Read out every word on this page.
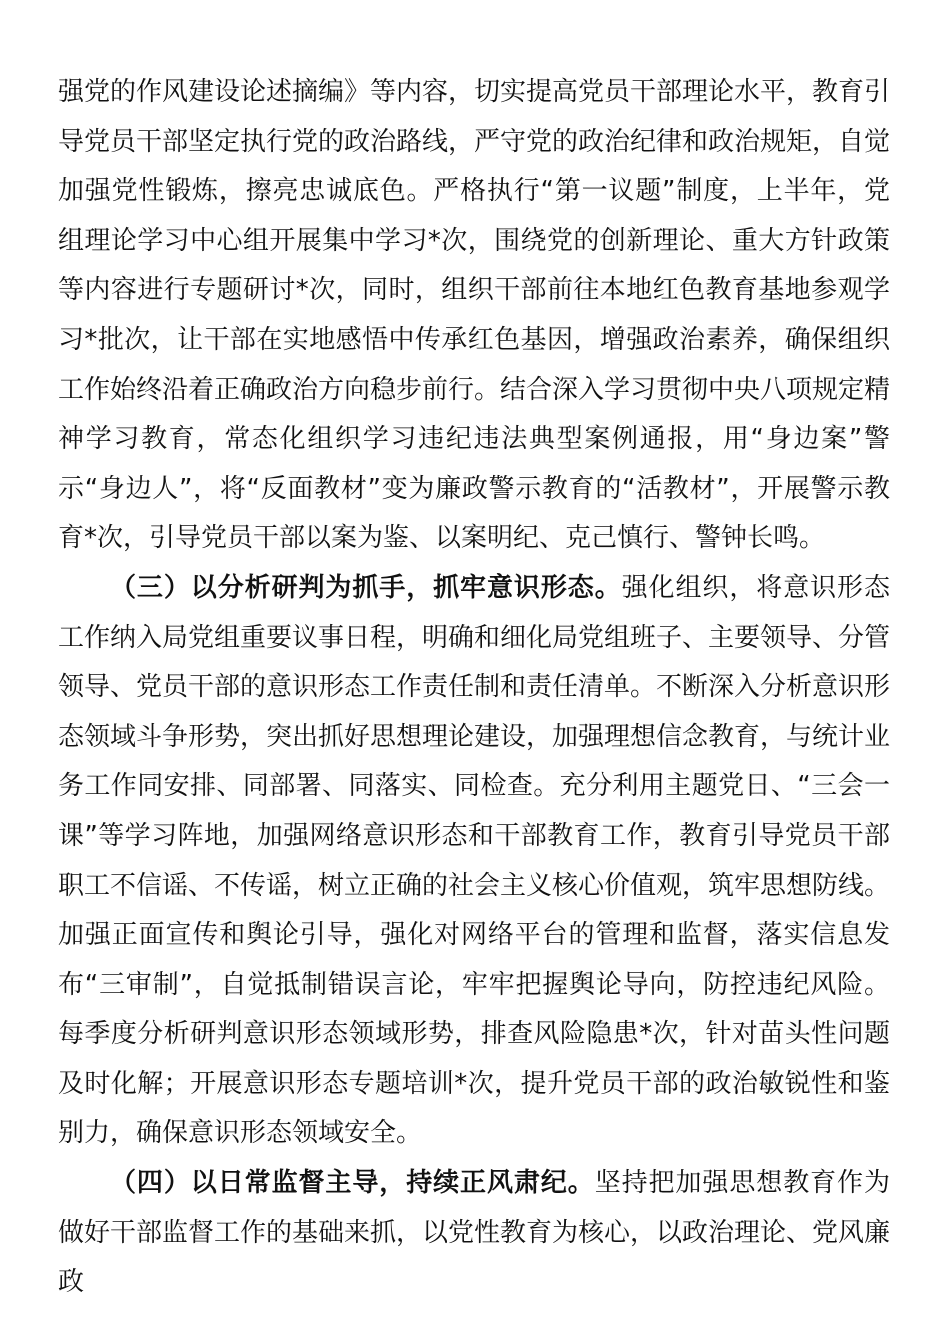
强党的作风建设论述摘编》等内容，切实提高党员干部理论水平，教育引导党员干部坚定执行党的政治路线，严守党的政治纪律和政治规矩，自觉加强党性锻炼，擦亮忠诚底色。严格执行“第一议题”制度，上半年，党组理论学习中心组开展集中学习*次，围绕党的创新理论、重大方针政策等内容进行专题研讨*次，同时，组织干部前往本地红色教育基地参观学习*批次，让干部在实地感悟中传承红色基因，增强政治素养，确保组织工作始终沿着正确政治方向稳步前行。结合深入学习贯彻中央八项规定精神学习教育，常态化组织学习违纪违法典型案例通报，用“身边案”警示“身边人”，将“反面教材”变为廉政警示教育的“活教材”，开展警示教育*次，引导党员干部以案为鉴、以案明纪、克己慎行、警钟长鸣。

（三）以分析研判为抓手，抓牢意识形态。强化组织，将意识形态工作纳入局党组重要议事日程，明确和细化局党组班子、主要领导、分管领导、党员干部的意识形态工作责任制和责任清单。不断深入分析意识形态领域斗争形势，突出抓好思想理论建设，加强理想信念教育，与统计业务工作同安排、同部署、同落实、同检查。充分利用主题党日、“三会一课”等学习阵地，加强网络意识形态和干部教育工作，教育引导党员干部职工不信谣、不传谣，树立正确的社会主义核心价值观，筑牢思想防线。加强正面宣传和舆论引导，强化对网络平台的管理和监督，落实信息发布“三审制”，自觉抵制错误言论，牢牢把握舆论导向，防控违纪风险。每季度分析研判意识形态领域形势，排查风险隐患*次，针对苗头性问题及时化解；开展意识形态专题培训*次，提升党员干部的政治敏锐性和鉴别力，确保意识形态领域安全。

（四）以日常监督主导，持续正风肃纪。坚持把加强思想教育作为做好干部监督工作的基础来抓，以党性教育为核心，以政治理论、党风廉政
